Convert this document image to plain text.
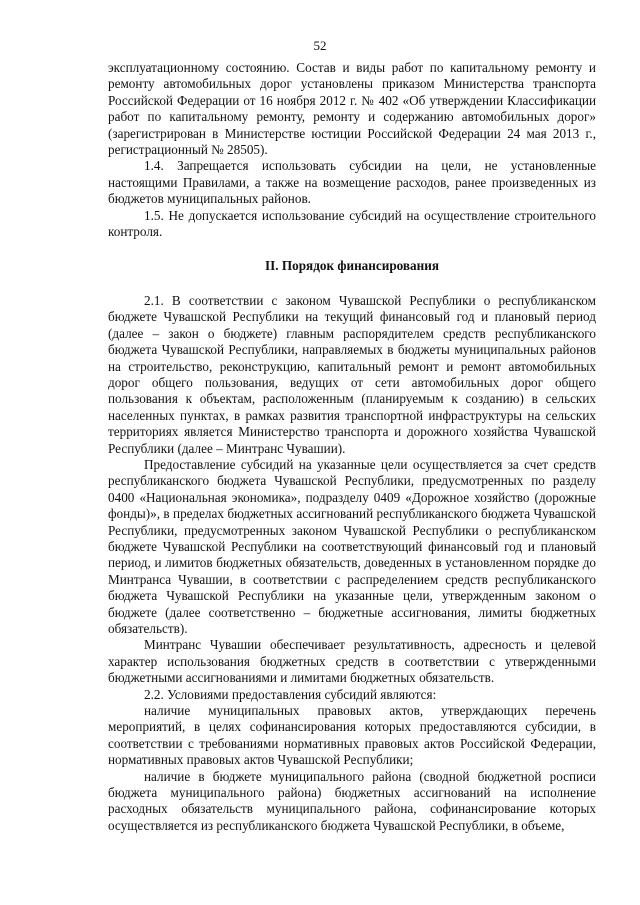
52

эксплуатационному состоянию. Состав и виды работ по капитальному ремонту и ремонту автомобильных дорог установлены приказом Министерства транспорта Российской Федерации от 16 ноября 2012 г. № 402 «Об утверждении Классификации работ по капитальному ремонту, ремонту и содержанию автомобильных дорог» (зарегистрирован в Министерстве юстиции Российской Федерации 24 мая 2013 г., регистрационный № 28505).

1.4. Запрещается использовать субсидии на цели, не установленные настоящими Правилами, а также на возмещение расходов, ранее произведенных из бюджетов муниципальных районов.

1.5. Не допускается использование субсидий на осуществление строительного контроля.

II. Порядок финансирования

2.1. В соответствии с законом Чувашской Республики о республиканском бюджете Чувашской Республики на текущий финансовый год и плановый период (далее – закон о бюджете) главным распорядителем средств республиканского бюджета Чувашской Республики, направляемых в бюджеты муниципальных районов на строительство, реконструкцию, капитальный ремонт и ремонт автомобильных дорог общего пользования, ведущих от сети автомобильных дорог общего пользования к объектам, расположенным (планируемым к созданию) в сельских населенных пунктах, в рамках развития транспортной инфраструктуры на сельских территориях является Министерство транспорта и дорожного хозяйства Чувашской Республики (далее – Минтранс Чувашии).

Предоставление субсидий на указанные цели осуществляется за счет средств республиканского бюджета Чувашской Республики, предусмотренных по разделу 0400 «Национальная экономика», подразделу 0409 «Дорожное хозяйство (дорожные фонды)», в пределах бюджетных ассигнований республиканского бюджета Чувашской Республики, предусмотренных законом Чувашской Республики о республиканском бюджете Чувашской Республики на соответствующий финансовый год и плановый период, и лимитов бюджетных обязательств, доведенных в установленном порядке до Минтранса Чувашии, в соответствии с распределением средств республиканского бюджета Чувашской Республики на указанные цели, утвержденным законом о бюджете (далее соответственно – бюджетные ассигнования, лимиты бюджетных обязательств).

Минтранс Чувашии обеспечивает результативность, адресность и целевой характер использования бюджетных средств в соответствии с утвержденными бюджетными ассигнованиями и лимитами бюджетных обязательств.

2.2. Условиями предоставления субсидий являются:

наличие муниципальных правовых актов, утверждающих перечень мероприятий, в целях софинансирования которых предоставляются субсидии, в соответствии с требованиями нормативных правовых актов Российской Федерации, нормативных правовых актов Чувашской Республики;

наличие в бюджете муниципального района (сводной бюджетной росписи бюджета муниципального района) бюджетных ассигнований на исполнение расходных обязательств муниципального района, софинансирование которых осуществляется из республиканского бюджета Чувашской Республики, в объеме,
